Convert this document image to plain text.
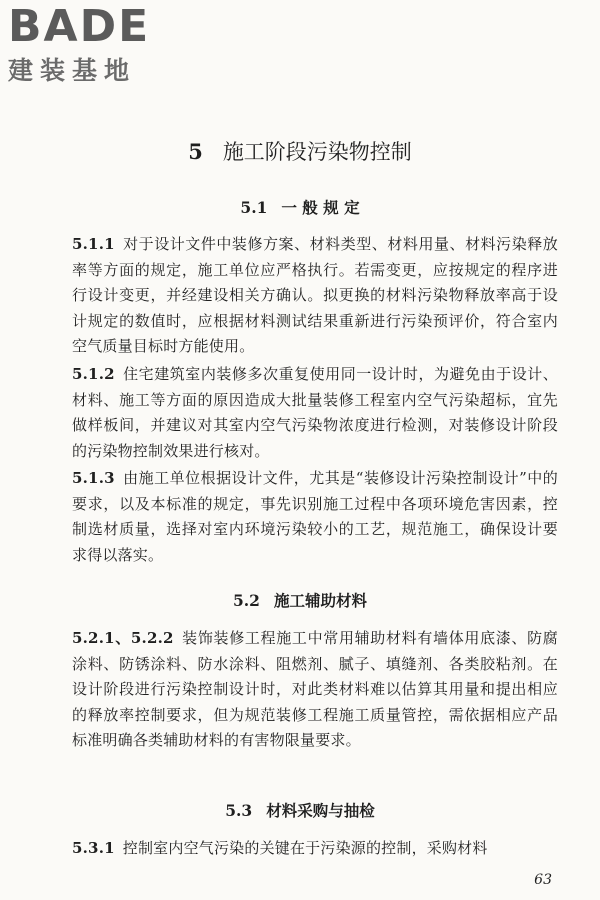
BADE
建装基地
5 施工阶段污染物控制
5.1 一 般 规 定
5.1.1 对于设计文件中装修方案、材料类型、材料用量、材料污染释放率等方面的规定，施工单位应严格执行。若需变更，应按规定的程序进行设计变更，并经建设相关方确认。拟更换的材料污染物释放率高于设计规定的数值时，应根据材料测试结果重新进行污染预评价，符合室内空气质量目标时方能使用。
5.1.2 住宅建筑室内装修多次重复使用同一设计时，为避免由于设计、材料、施工等方面的原因造成大批量装修工程室内空气污染超标，宜先做样板间，并建议对其室内空气污染物浓度进行检测，对装修设计阶段的污染物控制效果进行核对。
5.1.3 由施工单位根据设计文件，尤其是“装修设计污染控制设计”中的要求，以及本标准的规定，事先识别施工过程中各项环境危害因素，控制选材质量，选择对室内环境污染较小的工艺，规范施工，确保设计要求得以落实。
5.2 施工辅助材料
5.2.1、5.2.2 装饰装修工程施工中常用辅助材料有墙体用底漆、防腐涂料、防锈涂料、防水涂料、阻燃剂、腻子、填缝剂、各类胶粘剂。在设计阶段进行污染控制设计时，对此类材料难以估算其用量和提出相应的释放率控制要求，但为规范装修工程施工质量管控，需依据相应产品标准明确各类辅助材料的有害物限量要求。
5.3 材料采购与抽检
5.3.1 控制室内空气污染的关键在于污染源的控制，采购材料
63
